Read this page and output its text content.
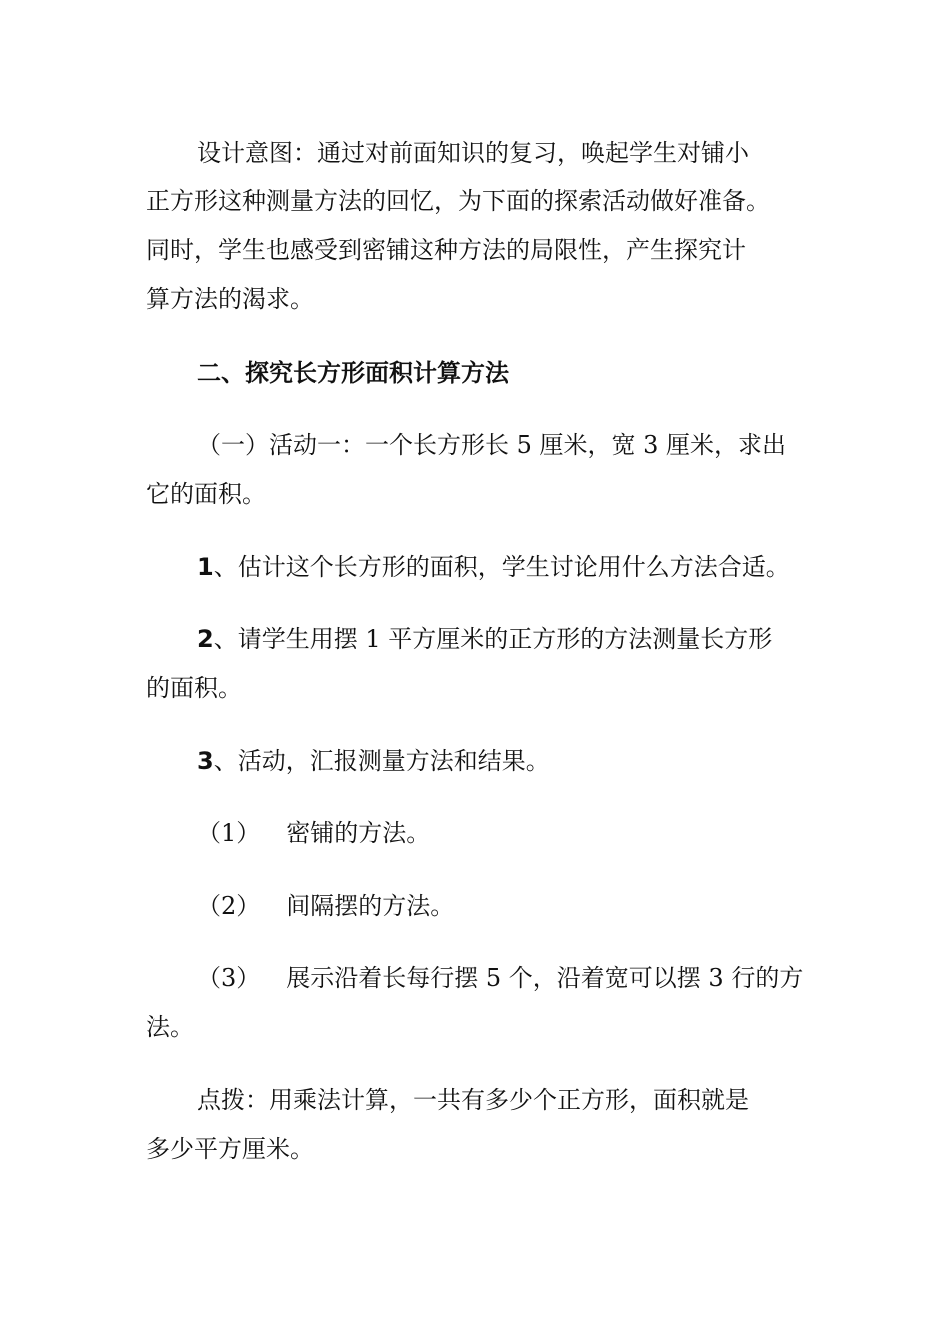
设计意图：通过对前面知识的复习，唤起学生对铺小
正方形这种测量方法的回忆，为下面的探索活动做好准备。
同时，学生也感受到密铺这种方法的局限性，产生探究计
算方法的渴求。
二、探究长方形面积计算方法
（一）活动一：一个长方形长 5 厘米，宽 3 厘米，求出
它的面积。
1、估计这个长方形的面积，学生讨论用什么方法合适。
2、请学生用摆 1 平方厘米的正方形的方法测量长方形
的面积。
3、活动，汇报测量方法和结果。
（1） 密铺的方法。
（2） 间隔摆的方法。
（3） 展示沿着长每行摆 5 个，沿着宽可以摆 3 行的方
法。
点拨：用乘法计算，一共有多少个正方形，面积就是
多少平方厘米。
